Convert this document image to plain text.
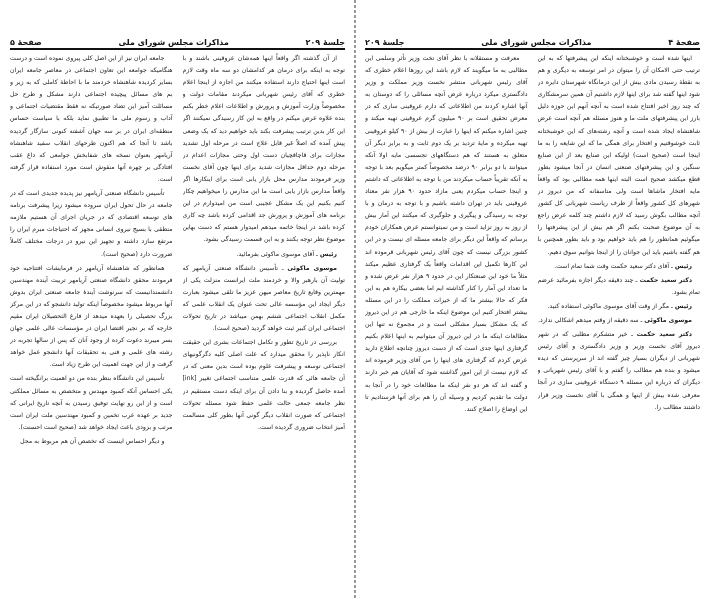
جلسهٔ ۲۰۹
مذاکرات مجلس شورای ملی
صفحهٔ ۵

از آن گذشته اگر واقعاً اینها همه‌شان عروقینی باشند و با توجه به اینکه برای درمان هر کدامشان دو سه ماه وقت لازم است اینها احتیاج دارند استفاده میکنند من اجازه از اینجا اعلام خطری که آقای رئیس شهربانی میکردند مقامات دولت و مخصوصاً وزارت آموزش و پرورش و اطلاعات اعلام خطر بکنم بنده علاوه عرض میکنم در واقع به این کار رسیدگی نمیکنند اگر این کار بدین ترتیب پیشرفت بکند باید خواهیم دید که یک وضعی پیش آمده که اصلاً غیر قابل علاج است در مرحله اول تشدید مجازات برای قاچاقچیان دست اول وحتی مجازات اعدام در مرحله دوم حداقل مجازات شدید برای اینها چون آقای نخست وزیر فرمودند مدارس محل بازار یابی است برای اینکارها اگر واقعاً مدارس بازار یابی است ما این مدارس را میخواهیم چکار کنیم بکنیم این یک مشکل عجیبی است من امیدوارم در این برنامه های آموزش و پرورش جد اقدامی کرده باشد چه کاری کرده باشد در اینجا خاتمه میدهم امیدوار هستم که دست بهاین موضوع نظر توجه بکنند و به این قسمت رسیدگی بشود.

رئیس ـ آقای موسوی ماکوئی بفرمائید.

موسوی ماکوئی ـ تأسیس دانشگاه صنعتی آریامهر که تولیت آن بارهبر والا و خردمند ملت ایرانست منزلت یکی از مهمترین وقایع تاریخ معاصر میهن عزیز ما تلقی میشود بعبارت دیگر ایجاد این مؤسسه عالی تحت عنوان یک انقلاب علمی که مکمل انقلاب اجتماعی ششم بهمن میباشد در تاریخ تحولات اجتماعی ایران کبیر ثبت خواهد گردید (صحیح است).

بررسی در تاریخ تطور و تکامل اجتماعات بشری این حقیقت انکار ناپذیر را محقق میدارد که علت اصلی کلیه دگرگونیهای اجتماعی توسعه و پیشرفت علوم بوده است بدین معنی که در آن جامعه هائی که قدرت علمی متناسب اجتماعی تغییر [ink] آمده حاصل گردیده و بنا دادن آن برای اینکه دست مستقیم در نظر جامعه جمعی حالت علمی حفظ شود مسئله تحولات اجتماعی که صورت انقلاب دیگر گونی آنها بطور کلی مسالمت آمیز انتخاب ضروری گردیده است.

جامعه ایران نیز از این اصل کلی پیروی نموده است و درست هنگامیکه جوامعه این تعاون اجتماعی در معاصر جامعه ایران بسایر کردیده شاهنشاه خردمند ما با احاطهٔ کاملی که به زیر و بم های مسائل پیچیده اجتماعی دارند مشکل و طرح حل مسائلت آمیز این تضاد صورتیکه نه فقط مقتضیات اجتماعی و آداب و رسوم ملی ما تطبیق نماید بلکه با سیاست حساس منطقه‌ای ایران در بر سه جهان آشفته کنونی سازگار گردیده باشد تا آنجا که هم اکنون طرحهای انقلاب سفید شاهنشاه آریامهر بعنوان نسخه های شفابخش جوامعی که داغ عقب افتادگی بر چهره آنها منقوش است مورد استفاده قرار گرفته است.

تأسیس دانشگاه صنعتی آریامهر نیز پدیده جدیدی است که در جامعه در حال تحول ایران سروده میشود زیرا پیشرفت برنامه های توسعه اقتصادی که در جریان اجرای آن هستیم ملازمه منطقی با بسیج نیروی انسانی مجهز که احتیاجات مبرم ایران را مرتفع سازد داشته و تجهیز این نیرو در درجات مختلف کاملاً ضرورت دارد (صحیح است).

همانطور که شاهنشاه آریامهر در فرمایشات افتتاحیه خود فرمودند محقق دانشگاه صنعتی آریامهر تربیت آینده مهندسین دانشمندانیست که سرنوشت آیندهٔ جامعه صنعتی ایران بدوش آنها مربوط میشود مخصوصاً اینکه تولید دانشجو که در این مرکز بزرگ تحصیلی را بعهده میدهد از فارغ التحصیلان ایران مقیم خارجه که بر نجیر اقتضا ایران در مؤسسات عالی علمی جهان بسر میبرند دعوت کرده از وجود آنان که پس از سالها تجربه در رشته های علمی و فنی به تحقیقات آنها دانشجو عمل خواهد گرفت و از این جهت اهمیت این طرح زیاد است.

تأسیس این دانشگاه بنظر بنده من دو اهمیت برانگیخته است یکی احساس آنکه کمبود مهندس و متخصص به مسائل مملکتی است و از این رو نهایت توفیق رسیدن به آنچه تاریخ ایرانی که جدید بر عهده عرب تخمین و کمبود مهندسین ملت ایران است مرتب و بزودی باعث ایجاد خواهد شد (صحیح است احسنت).

و دیگر احساس اینست که تخصص آن هم مربوط به محل

صفحهٔ ۴
مذاکرات مجلس شورای ملی
جلسهٔ ۲۰۹

اینها شده است و خوشبختانه اینکه این پیشرفتها که به این ترتیب حتی الامکان آن را میتوان در امر توسعه به دیگری و هم به نقطهٔ رسیدن مادی بیش از این درمانگاه شهرستان دایره در شود اینها گفته شد برای اینها لازم داشتیم آن همین سرمشکاری که چند روز اخیر افتتاح شده است به آنچه آنهم این حوزه دلیل بارز این پیشرفتهای ملت ما و هنوز مسئله هم آنچه است عرض شاهنشاه ایجاد شده است و آنچه رشته‌های که این خوشبختانه ثابت خوشوقتیم و افتخار برای همگی ما که این شایعه را به ما اینجا است (صحیح است) اولیکه این صنایع بعد از این صنایع سنگین و این پیشرفتهای صنعتی انسان در آنجا میشود بطور قطع میکشد صحیح است البته اینها همه مطالبی بود که واقعاً مایه افتخار ماشاها است ولی متاسفانه که من دیروز در شهرهای کل کشور واقعاً از طرف ریاست شهربانی کل کشور آنچه مطالب بگوش رسید که لازم داشتم چند کلمه عرض راجع به آن موضوع صحبت بکنم اگر هم بیش از این پیشرفتها را میگوئیم همانطور را هم باید خواهیم بود و باید بطور همچنین با هم گفته باشیم باید این جوانان را از اینجا بتوانیم سوق دهیم.

رئیس ـ آقای دکتر سعید حکمت وقت شما تمام است.

دکتر سعید حکمت ـ چند دقیقه دیگر اجازه بفرمائید عرضم تمام بشود.

رئیس ـ مگر از وقت آقای موسوی ماکوئی استفاده کنید.

موسوی ماکوئی ـ سه دقیقه از وقتم میدهم اشکالی ندارد.

دکتر سعید حکمت ـ خیر متشکرم مطلبی که در شهر دیروز آقای نخست وزیر و وزیر دادگستری و آقای رئیس شهربانی از دیگران بسیار چیز گفته اند از سرپرستی که دیده میشود و بنده هم مطالب را گفتم و با آقای رئیس شهربانی و دیگران که درباره این مسئله ۹ دستگاه عروقینی سازی در آنجا معرفی شده بیش از اینها و همگی با آقای نخست وزیر قرار داشتند مطالب را.

معرفت و مستقلانه با نظر آقای تخت وزیر تأثر وسلمی این مطالبی به ما میگویند که لازم باشد این روزها اعلام خطری که آقای رئیس شهربانی منتشر نخست وزیر مملکت و وزیر دادگستری میکرد درباره عرض آنچه مسائلی را که دوستان به آنها اشاره کردند من اطلاعاتی که دارم عروقینی ساری که در معرض تحقیق است بر ۹۰ میلیون گرم عروقینی تهیه میکند و چنین اشاره میکنم که اینها را عبارت از بیش از ۹۰ کیلو عروقینی تهیه میکرده و مایهٔ تردید بر یک دوم ثابت و به برابر دیگر آن متعلق به هستند که هم دستگاههای تجسسی مایه اولا آنکه میتوانند با دو برابر ۹۰ درصد مخصوصاً کمتر میگویم بعد با توجه به آنکه تقریباً حساب میکردند من با توجه به اطلاعاتی که داشتم و اینجا حساب میکردم یعنی مازاد حدود ۹۰ هزار نفر معتاد عروقینی باید در تهران داشته باشیم و با توجه به درمان و با توجه به رسیدگی و پیگیری و جلوگیری که میکنند این آمار بیش از روز به روز تزاید است و من نمیتوانستم عرض همکاران خودم برسانم که واقعاً این دیگر برای جامعه مسئله ای نیست و در این کشور بزرگی نیست که چون آقای رئیس شهربانی قرموده اند این کارها تکمیل این اقدامات واقعاً یک گرفتاری عظیم میکند مثلاً ما خود این صنعتکار این در حدود ۹ هزار نفر عرض شده و ما تعداد این آمار را کنار گذاشته ایم اما بعضی بیکاره هم به این فکر که حالا بیشتر ما که از خیرات مملکت را در این مسئله بیشتر افتخار کنیم این موضوع اینکه ما خارجی هم در این دیروز که یک مشکل بسیار مشکلی است و در مجموع نه تنها این مطالعات اینکه ما در این دیروز آن میتوانیم به اینها اعلام بکنیم گرفتاری اینها جدی است که از دست دیروز چنانچه اطلاع دارید عرض کردم که گرفتاری های اینها را من آقای وزیر فرموده اند که لازم نیست از این امور گذاشته شود که آقایان هم خبر دارند و گفته اند که هر دو نفر اینکه ما مطالعات خود را در آنجا به دولت ما تقدیم کردیم و وسیله آن را هم برای آنها فرستادیم تا این اوضاع را اصلاح کنند.
